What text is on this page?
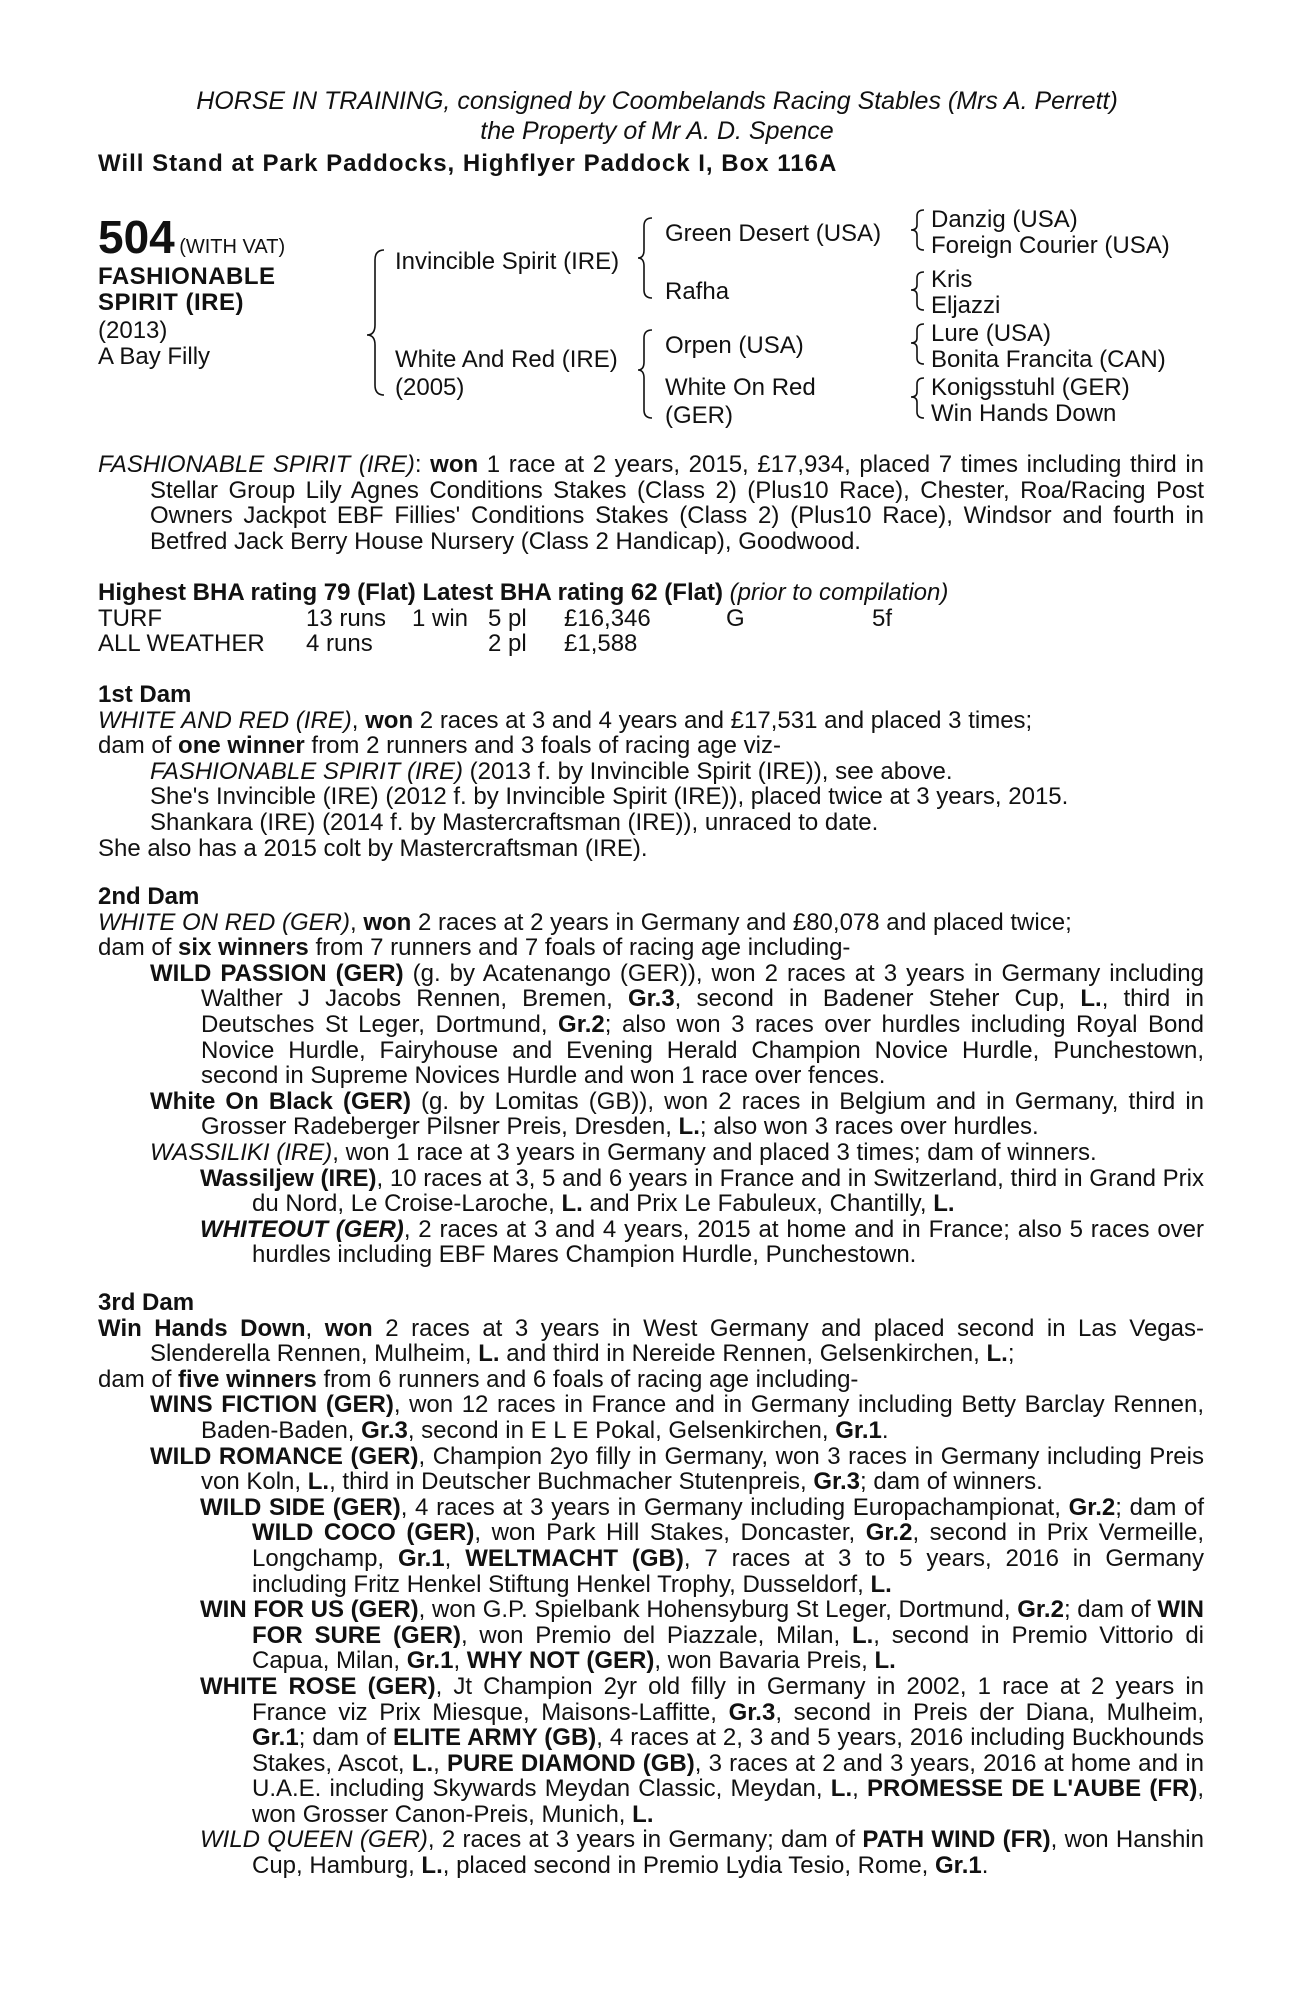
HORSE IN TRAINING, consigned by Coombelands Racing Stables (Mrs A. Perrett)
the Property of Mr A. D. Spence
Will Stand at Park Paddocks, Highflyer Paddock I, Box 116A
504 (WITH VAT)
FASHIONABLE
SPIRIT (IRE)
(2013)
A Bay Filly
Invincible Spirit (IRE)
White And Red (IRE)
(2005)
Green Desert (USA)
Rafha
Orpen (USA)
White On Red
(GER)
Danzig (USA)
Foreign Courier (USA)
Kris
Eljazzi
Lure (USA)
Bonita Francita (CAN)
Konigsstuhl (GER)
Win Hands Down

FASHIONABLE SPIRIT (IRE): won 1 race at 2 years, 2015, £17,934, placed 7 times including third in Stellar Group Lily Agnes Conditions Stakes (Class 2) (Plus10 Race), Chester, Roa/Racing Post Owners Jackpot EBF Fillies' Conditions Stakes (Class 2) (Plus10 Race), Windsor and fourth in Betfred Jack Berry House Nursery (Class 2 Handicap), Goodwood.

Highest BHA rating 79 (Flat) Latest BHA rating 62 (Flat) (prior to compilation)
TURF	13 runs	1 win 5 pl	£16,346	G	5f
ALL WEATHER	4 runs	2 pl	£1,588
1st Dam

WHITE AND RED (IRE), won 2 races at 3 and 4 years and £17,531 and placed 3 times;

dam of one winner from 2 runners and 3 foals of racing age viz-

FASHIONABLE SPIRIT (IRE) (2013 f. by Invincible Spirit (IRE)), see above.

She's Invincible (IRE) (2012 f. by Invincible Spirit (IRE)), placed twice at 3 years, 2015.

Shankara (IRE) (2014 f. by Mastercraftsman (IRE)), unraced to date.

She also has a 2015 colt by Mastercraftsman (IRE).

2nd Dam

WHITE ON RED (GER), won 2 races at 2 years in Germany and £80,078 and placed twice;

dam of six winners from 7 runners and 7 foals of racing age including-

WILD PASSION (GER) (g. by Acatenango (GER)), won 2 races at 3 years in Germany including Walther J Jacobs Rennen, Bremen, Gr.3, second in Badener Steher Cup, L., third in Deutsches St Leger, Dortmund, Gr.2; also won 3 races over hurdles including Royal Bond Novice Hurdle, Fairyhouse and Evening Herald Champion Novice Hurdle, Punchestown, second in Supreme Novices Hurdle and won 1 race over fences.

White On Black (GER) (g. by Lomitas (GB)), won 2 races in Belgium and in Germany, third in Grosser Radeberger Pilsner Preis, Dresden, L.; also won 3 races over hurdles.

WASSILIKI (IRE), won 1 race at 3 years in Germany and placed 3 times; dam of winners.

Wassiljew (IRE), 10 races at 3, 5 and 6 years in France and in Switzerland, third in Grand Prix du Nord, Le Croise-Laroche, L. and Prix Le Fabuleux, Chantilly, L.

WHITEOUT (GER), 2 races at 3 and 4 years, 2015 at home and in France; also 5 races over hurdles including EBF Mares Champion Hurdle, Punchestown.

3rd Dam

Win Hands Down, won 2 races at 3 years in West Germany and placed second in Las Vegas-Slenderella Rennen, Mulheim, L. and third in Nereide Rennen, Gelsenkirchen, L.;

dam of five winners from 6 runners and 6 foals of racing age including-

WINS FICTION (GER), won 12 races in France and in Germany including Betty Barclay Rennen, Baden-Baden, Gr.3, second in E L E Pokal, Gelsenkirchen, Gr.1.

WILD ROMANCE (GER), Champion 2yo filly in Germany, won 3 races in Germany including Preis von Koln, L., third in Deutscher Buchmacher Stutenpreis, Gr.3; dam of winners.

WILD SIDE (GER), 4 races at 3 years in Germany including Europachampionat, Gr.2; dam of WILD COCO (GER), won Park Hill Stakes, Doncaster, Gr.2, second in Prix Vermeille, Longchamp, Gr.1, WELTMACHT (GB), 7 races at 3 to 5 years, 2016 in Germany including Fritz Henkel Stiftung Henkel Trophy, Dusseldorf, L.

WIN FOR US (GER), won G.P. Spielbank Hohensyburg St Leger, Dortmund, Gr.2; dam of WIN FOR SURE (GER), won Premio del Piazzale, Milan, L., second in Premio Vittorio di Capua, Milan, Gr.1, WHY NOT (GER), won Bavaria Preis, L.

WHITE ROSE (GER), Jt Champion 2yr old filly in Germany in 2002, 1 race at 2 years in France viz Prix Miesque, Maisons-Laffitte, Gr.3, second in Preis der Diana, Mulheim, Gr.1; dam of ELITE ARMY (GB), 4 races at 2, 3 and 5 years, 2016 including Buckhounds Stakes, Ascot, L., PURE DIAMOND (GB), 3 races at 2 and 3 years, 2016 at home and in U.A.E. including Skywards Meydan Classic, Meydan, L., PROMESSE DE L'AUBE (FR), won Grosser Canon-Preis, Munich, L.

WILD QUEEN (GER), 2 races at 3 years in Germany; dam of PATH WIND (FR), won Hanshin Cup, Hamburg, L., placed second in Premio Lydia Tesio, Rome, Gr.1.
